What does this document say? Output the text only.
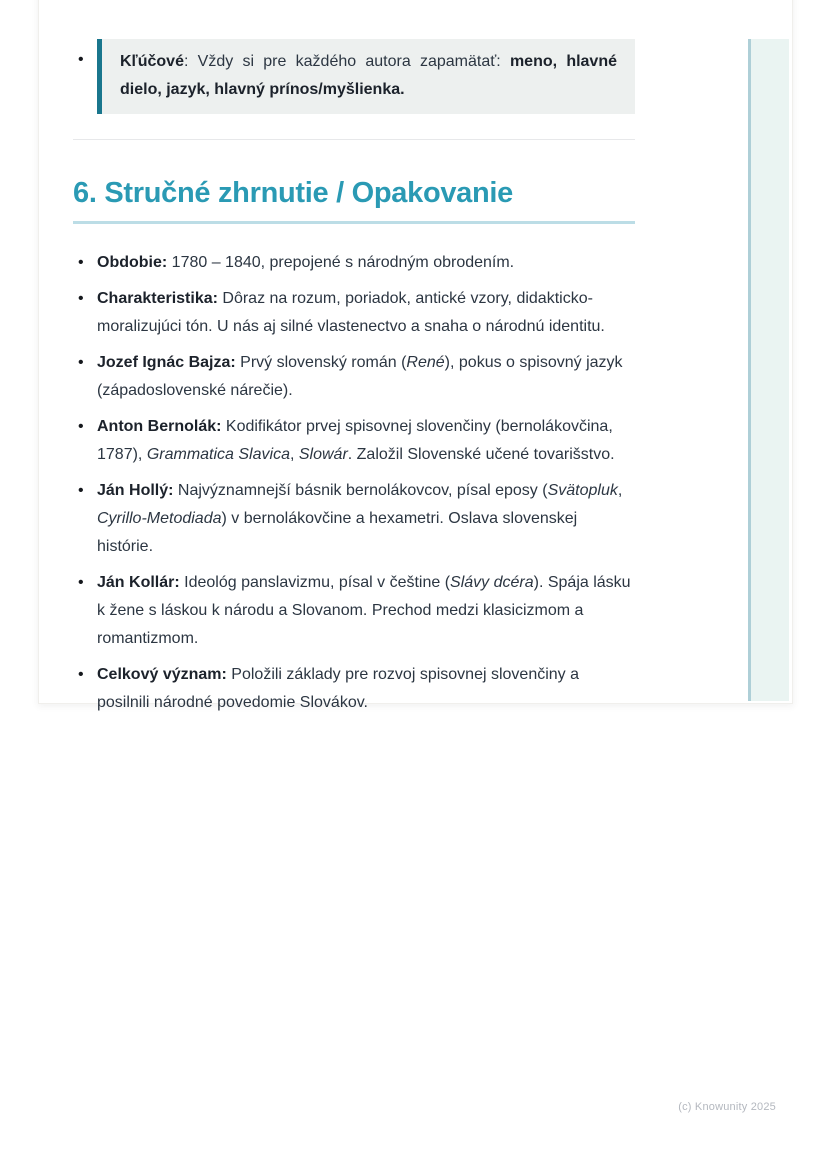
• Kľúčové: Vždy si pre každého autora zapamätať: meno, hlavné dielo, jazyk, hlavný prínos/myšlienka.

6. Stručné zhrnutie / Opakovanie
• Obdobie: 1780 – 1840, prepojené s národným obrodením.
• Charakteristika: Dôraz na rozum, poriadok, antické vzory, didakticko-moralizujúci tón. U nás aj silné vlastenectvo a snaha o národnú identitu.
• Jozef Ignác Bajza: Prvý slovenský román (René), pokus o spisovný jazyk (západoslovenské nárečie).
• Anton Bernolák: Kodifikátor prvej spisovnej slovenčiny (bernolákovčina, 1787), Grammatica Slavica, Slowár. Založil Slovenské učené tovarišstvo.
• Ján Hollý: Najvýznamnejší básnik bernolákovcov, písal eposy (Svätopluk, Cyrillo-Metodiada) v bernolákovčine a hexametri. Oslava slovenskej histórie.
• Ján Kollár: Ideológ panslavizmu, písal v češtine (Slávy dcéra). Spája lásku k žene s láskou k národu a Slovanom. Prechod medzi klasicizmom a romantizmom.
• Celkový význam: Položili základy pre rozvoj spisovnej slovenčiny a posilnili národné povedomie Slovákov.
(c) Knowunity 2025
